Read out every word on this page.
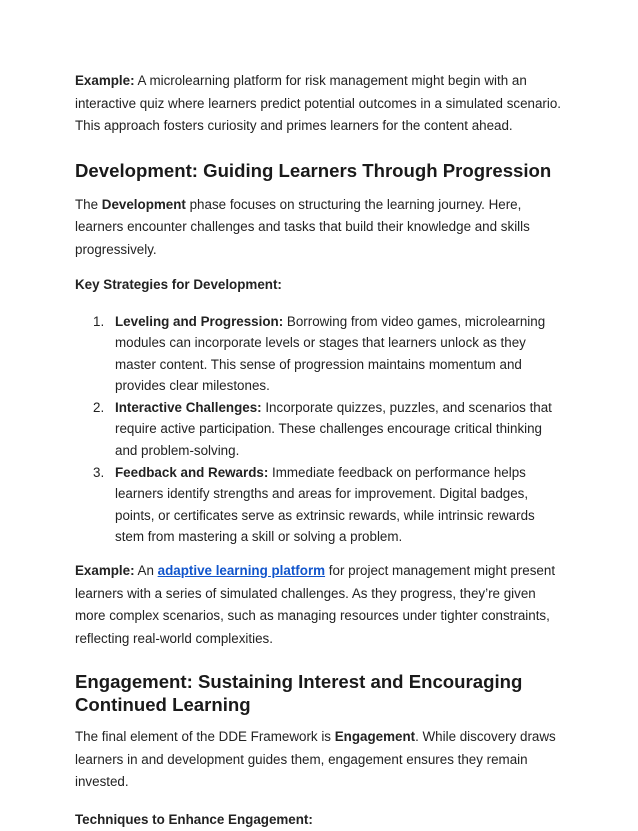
Example: A microlearning platform for risk management might begin with an interactive quiz where learners predict potential outcomes in a simulated scenario. This approach fosters curiosity and primes learners for the content ahead.

Development: Guiding Learners Through Progression

The Development phase focuses on structuring the learning journey. Here, learners encounter challenges and tasks that build their knowledge and skills progressively.

Key Strategies for Development:

1. Leveling and Progression: Borrowing from video games, microlearning modules can incorporate levels or stages that learners unlock as they master content. This sense of progression maintains momentum and provides clear milestones.
2. Interactive Challenges: Incorporate quizzes, puzzles, and scenarios that require active participation. These challenges encourage critical thinking and problem-solving.
3. Feedback and Rewards: Immediate feedback on performance helps learners identify strengths and areas for improvement. Digital badges, points, or certificates serve as extrinsic rewards, while intrinsic rewards stem from mastering a skill or solving a problem.

Example: An adaptive learning platform for project management might present learners with a series of simulated challenges. As they progress, they’re given more complex scenarios, such as managing resources under tighter constraints, reflecting real-world complexities.

Engagement: Sustaining Interest and Encouraging Continued Learning

The final element of the DDE Framework is Engagement. While discovery draws learners in and development guides them, engagement ensures they remain invested.

Techniques to Enhance Engagement:
